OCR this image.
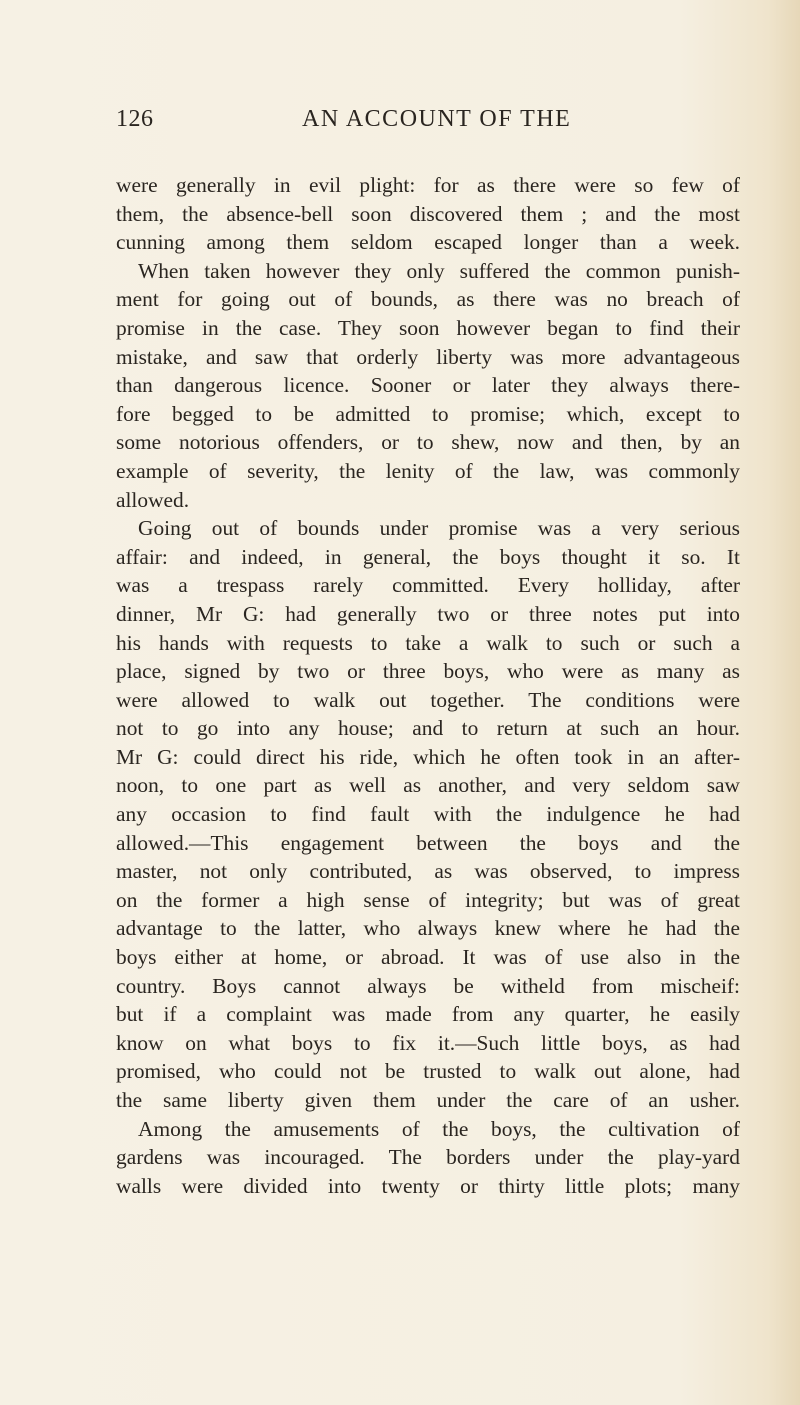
126	AN ACCOUNT OF THE
were generally in evil plight: for as there were so few of
them, the absence-bell soon discovered them ; and the most
cunning among them seldom escaped longer than a week.
When taken however they only suffered the common punish-
ment for going out of bounds, as there was no breach of
promise in the case. They soon however began to find their
mistake, and saw that orderly liberty was more advantageous
than dangerous licence. Sooner or later they always there-
fore begged to be admitted to promise; which, except to
some notorious offenders, or to shew, now and then, by an
example of severity, the lenity of the law, was commonly
allowed.
Going out of bounds under promise was a very serious
affair: and indeed, in general, the boys thought it so. It
was a trespass rarely committed. Every holliday, after
dinner, Mr G: had generally two or three notes put into
his hands with requests to take a walk to such or such a
place, signed by two or three boys, who were as many as
were allowed to walk out together. The conditions were
not to go into any house; and to return at such an hour.
Mr G: could direct his ride, which he often took in an after-
noon, to one part as well as another, and very seldom saw
any occasion to find fault with the indulgence he had
allowed.—This engagement between the boys and the
master, not only contributed, as was observed, to impress
on the former a high sense of integrity; but was of great
advantage to the latter, who always knew where he had the
boys either at home, or abroad. It was of use also in the
country. Boys cannot always be witheld from mischeif:
but if a complaint was made from any quarter, he easily
know on what boys to fix it.—Such little boys, as had
promised, who could not be trusted to walk out alone, had
the same liberty given them under the care of an usher.
Among the amusements of the boys, the cultivation of
gardens was incouraged. The borders under the play-yard
walls were divided into twenty or thirty little plots; many
